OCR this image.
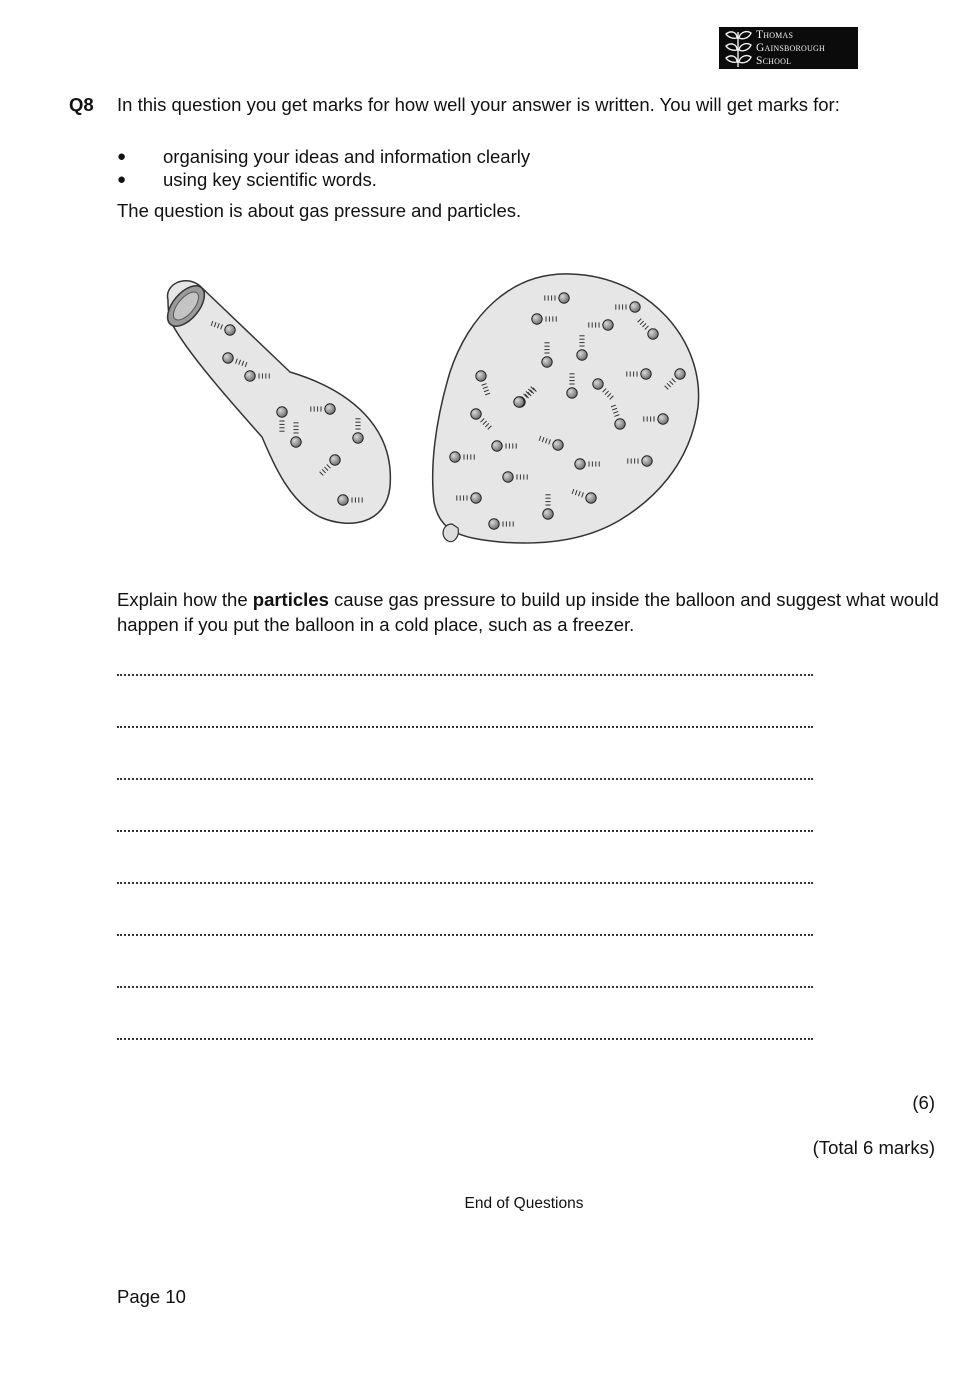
Thomas
Gainsborough
School
Q8 In this question you get marks for how well your answer is written. You will get marks for:
●	organising your ideas and information clearly
●	using key scientific words.
The question is about gas pressure and particles.
Explain how the particles cause gas pressure to build up inside the balloon and suggest what would happen if you put the balloon in a cold place, such as a freezer.
(6)
(Total 6 marks)
End of Questions
Page 10
